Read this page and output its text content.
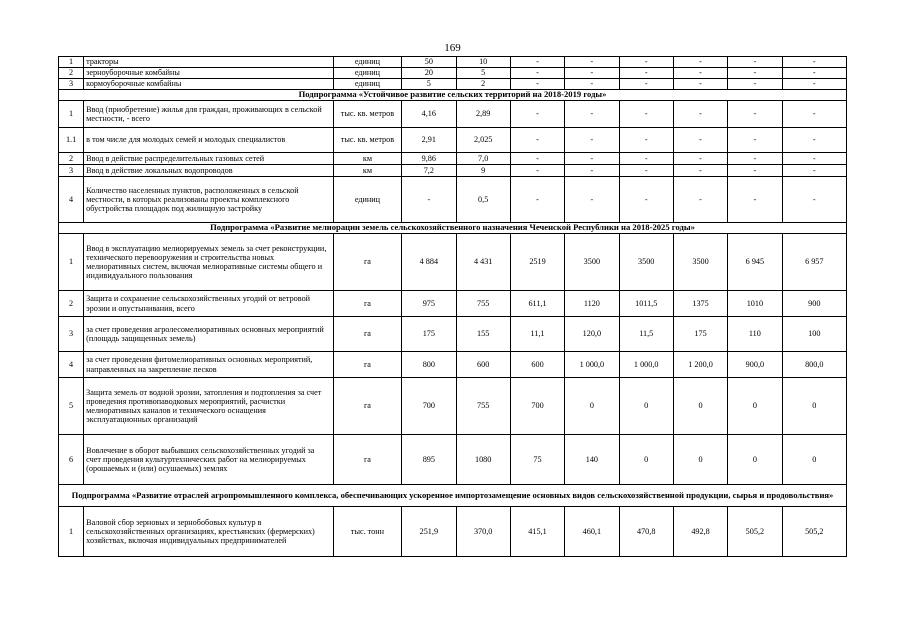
169
1	тракторы	единиц	50	10	-	-	-	-	-	-
2	зерноуборочные комбайны	единиц	20	5	-	-	-	-	-	-
3	кормоуборочные комбайны	единиц	5	2	-	-	-	-	-	-
Подпрограмма «Устойчивое развитие сельских территорий на 2018-2019 годы»										
1	Ввод (приобретение) жилья для граждан, проживающих в сельской местности, - всего	тыс. кв. метров	4,16	2,89	-	-	-	-	-	-
1.1	в том числе для молодых семей и молодых специалистов	тыс. кв. метров	2,91	2,025	-	-	-	-	-	-
2	Ввод в действие распределительных газовых сетей	км	9,86	7,0	-	-	-	-	-	-
3	Ввод в действие локальных водопроводов	км	7,2	9	-	-	-	-	-	-
4	Количество населенных пунктов, расположенных в сельской местности, в которых реализованы проекты комплексного обустройства площадок под жилищную застройку	единиц	-	0,5	-	-	-	-	-	-
Подпрограмма «Развитие мелиорации земель сельскохозяйственного назначения Чеченской Республики на 2018-2025 годы»										
1	Ввод в эксплуатацию мелиорируемых земель за счет реконструкции, технического перевооружения и строительства новых мелиоративных систем, включая мелиоративные системы общего и индивидуального пользования	га	4 884	4 431	2519	3500	3500	3500	6 945	6 957
2	Защита и сохранение сельскохозяйственных угодий от ветровой эрозии и опустынивания, всего	га	975	755	611,1	1120	1011,5	1375	1010	900
3	за счет проведения агролесомелиоративных основных мероприятий (площадь защищенных земель)	га	175	155	11,1	120,0	11,5	175	110	100
4	за счет проведения фитомелиоративных основных мероприятий, направленных на закрепление песков	га	800	600	600	1 000,0	1 000,0	1 200,0	900,0	800,0
5	Защита земель от водной эрозии, затопления и подтопления за счет проведения противопаводковых мероприятий, расчистки мелиоративных каналов и технического оснащения эксплуатационных организаций	га	700	755	700	0	0	0	0	0
6	Вовлечение в оборот выбывших сельскохозяйственных угодий за счет проведения культуртехнических работ на мелиорируемых (орошаемых и (или) осушаемых) землях	га	895	1080	75	140	0	0	0	0
Подпрограмма «Развитие отраслей агропромышленного комплекса, обеспечивающих ускоренное импортозамещение основных видов сельскохозяйственной продукции, сырья и продовольствия»										
1	Валовой сбор зерновых и зернобобовых культур в сельскохозяйственных организациях, крестьянских (фермерских) хозяйствах, включая индивидуальных предпринимателей	тыс. тонн	251,9	370,0	415,1	460,1	470,8	492,8	505,2	505,2
